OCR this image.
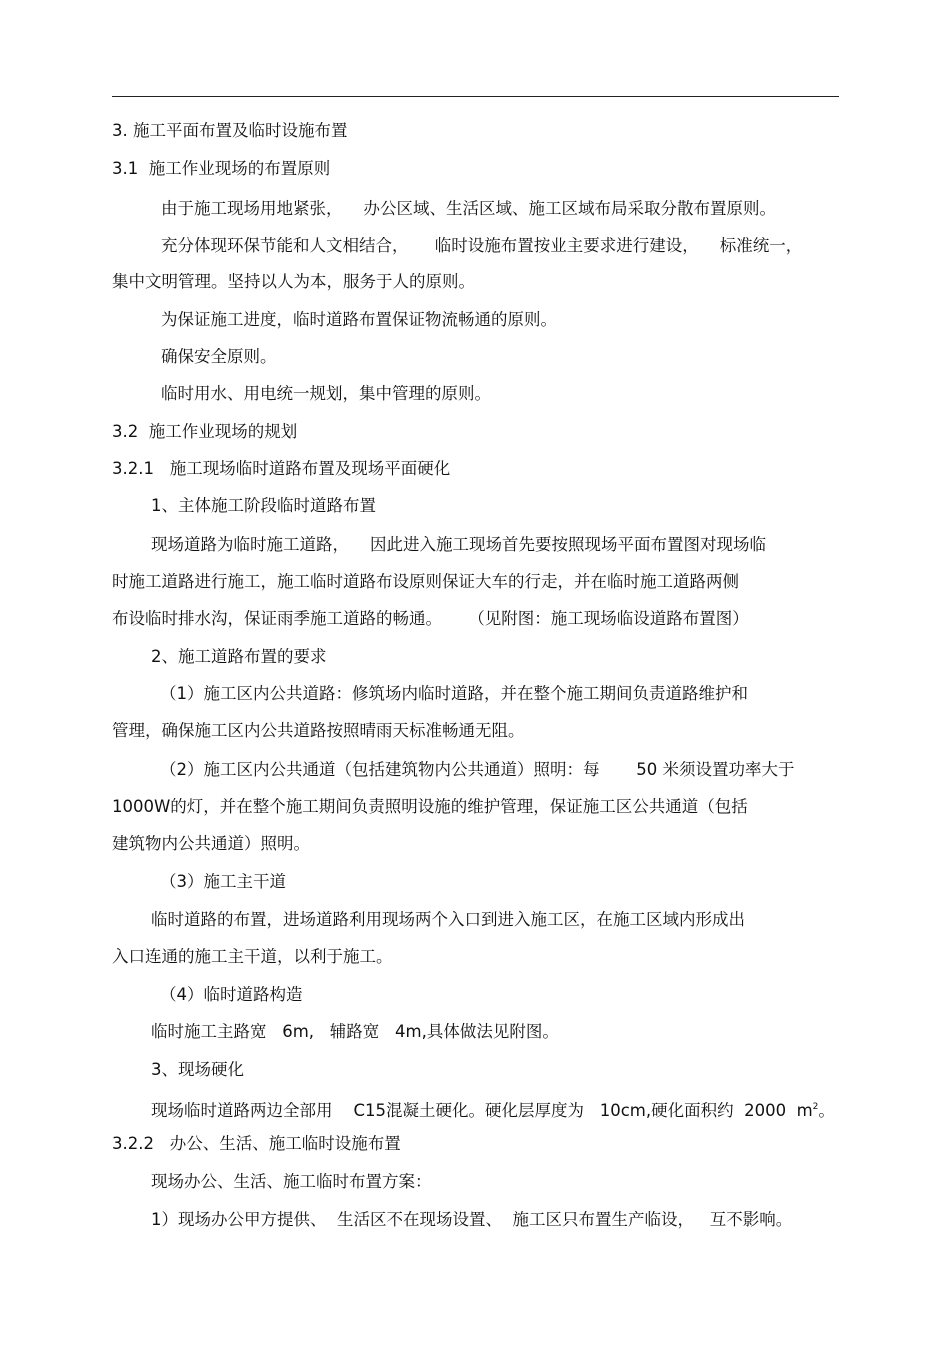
3. 施工平面布置及临时设施布置
3.1  施工作业现场的布置原则
由于施工现场用地紧张，    办公区域、生活区域、施工区域布局采取分散布置原则。
充分体现环保节能和人文相结合，     临时设施布置按业主要求进行建设，    标准统一，
集中文明管理。坚持以人为本，服务于人的原则。
为保证施工进度，临时道路布置保证物流畅通的原则。
确保安全原则。
临时用水、用电统一规划，集中管理的原则。
3.2  施工作业现场的规划
3.2.1   施工现场临时道路布置及现场平面硬化
1、主体施工阶段临时道路布置
现场道路为临时施工道路，    因此进入施工现场首先要按照现场平面布置图对现场临
时施工道路进行施工，施工临时道路布设原则保证大车的行走，并在临时施工道路两侧
布设临时排水沟，保证雨季施工道路的畅通。     （见附图：施工现场临设道路布置图）
2、施工道路布置的要求
（1）施工区内公共道路：修筑场内临时道路，并在整个施工期间负责道路维护和
管理，确保施工区内公共道路按照晴雨天标准畅通无阻。
（2）施工区内公共通道（包括建筑物内公共通道）照明：每       50 米须设置功率大于
1000W的灯，并在整个施工期间负责照明设施的维护管理，保证施工区公共通道（包括
建筑物内公共通道）照明。
（3）施工主干道
临时道路的布置，进场道路利用现场两个入口到进入施工区，在施工区域内形成出
入口连通的施工主干道，以利于施工。
（4）临时道路构造
临时施工主路宽   6m,   辅路宽   4m,具体做法见附图。
3、现场硬化
现场临时道路两边全部用    C15混凝土硬化。硬化层厚度为   10cm,硬化面积约  2000  $m^2$。
3.2.2   办公、生活、施工临时设施布置
现场办公、生活、施工临时布置方案：
1）现场办公甲方提供、  生活区不在现场设置、  施工区只布置生产临设，   互不影响。
